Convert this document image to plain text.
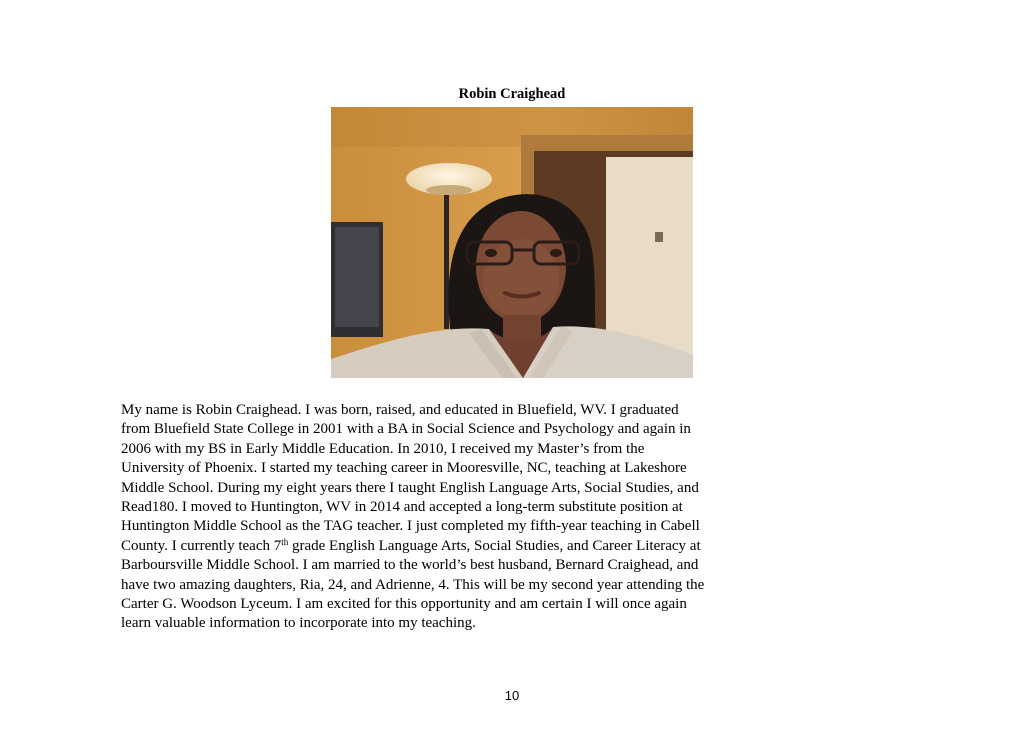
Robin Craighead
My name is Robin Craighead. I was born, raised, and educated in Bluefield, WV. I graduated
from Bluefield State College in 2001 with a BA in Social Science and Psychology and again in
2006 with my BS in Early Middle Education. In 2010, I received my Master’s from the
University of Phoenix. I started my teaching career in Mooresville, NC, teaching at Lakeshore
Middle School. During my eight years there I taught English Language Arts, Social Studies, and
Read180. I moved to Huntington, WV in 2014 and accepted a long-term substitute position at
Huntington Middle School as the TAG teacher. I just completed my fifth-year teaching in Cabell
County. I currently teach 7th grade English Language Arts, Social Studies, and Career Literacy at
Barboursville Middle School. I am married to the world’s best husband, Bernard Craighead, and
have two amazing daughters, Ria, 24, and Adrienne, 4. This will be my second year attending the
Carter G. Woodson Lyceum. I am excited for this opportunity and am certain I will once again
learn valuable information to incorporate into my teaching.
10
